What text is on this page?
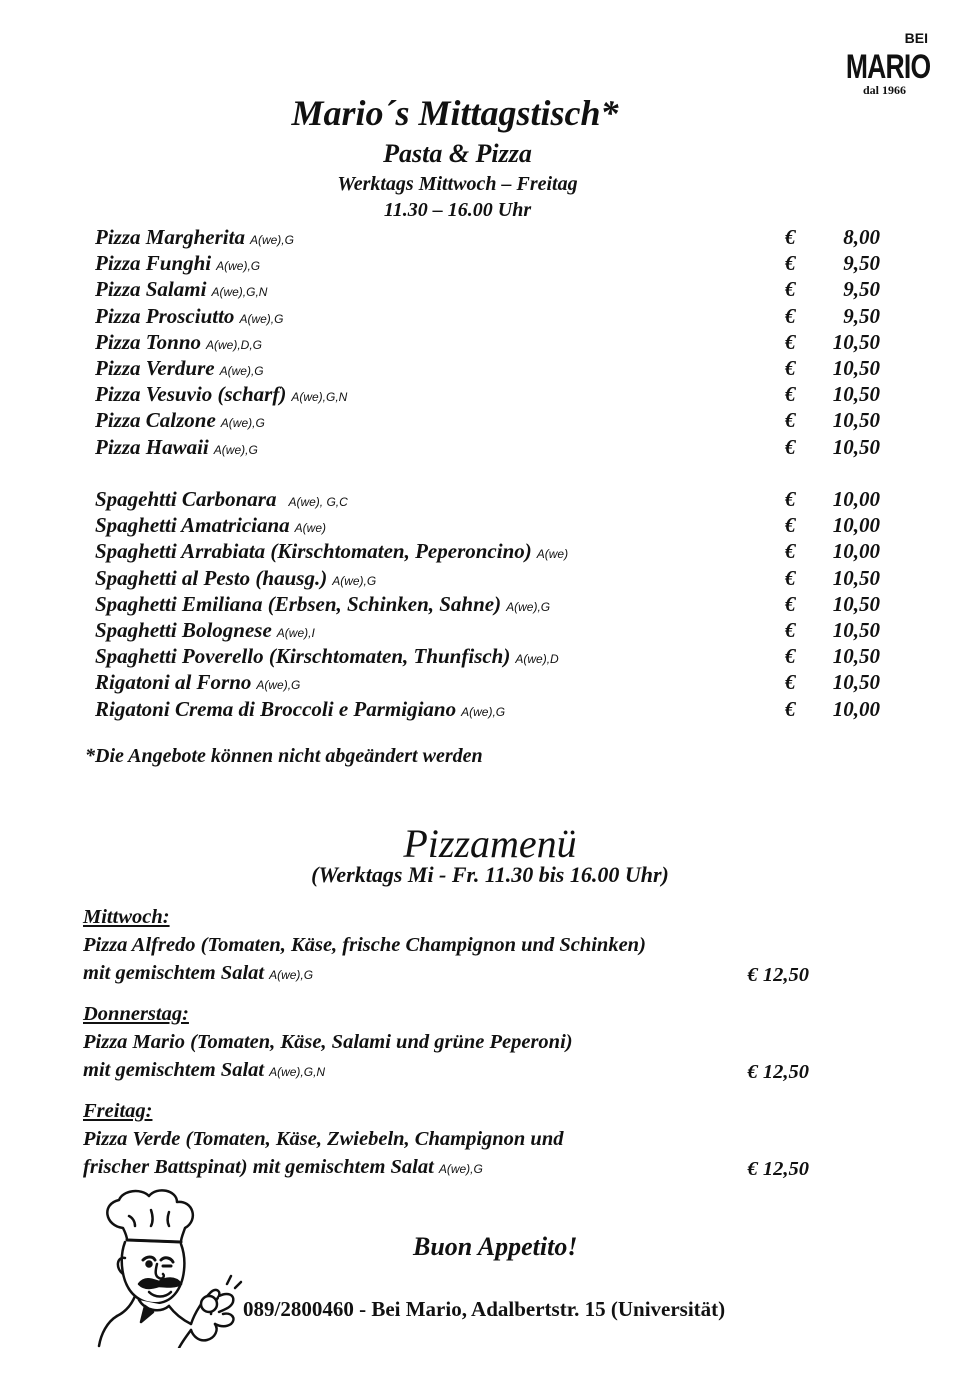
BEIMARIO
dal 1966
Mario´s Mittagstisch*
Pasta & Pizza
Werktags Mittwoch – Freitag
11.30 – 16.00 Uhr
Pizza Margherita A(we),G	€ 8,00
Pizza Funghi A(we),G	€ 9,50
Pizza Salami A(we),G,N	€ 9,50
Pizza Prosciutto A(we),G	€ 9,50
Pizza Tonno A(we),D,G	€ 10,50
Pizza Verdure A(we),G	€ 10,50
Pizza Vesuvio (scharf) A(we),G,N	€ 10,50
Pizza Calzone A(we),G	€ 10,50
Pizza Hawaii A(we),G	€ 10,50
Spagehtti Carbonara A(we), G,C	€ 10,00
Spaghetti Amatriciana A(we)	€ 10,00
Spaghetti Arrabiata (Kirschtomaten, Peperoncino) A(we)	€ 10,00
Spaghetti al Pesto (hausg.) A(we),G	€ 10,50
Spaghetti Emiliana (Erbsen, Schinken, Sahne) A(we),G	€ 10,50
Spaghetti Bolognese A(we),I	€ 10,50
Spaghetti Poverello (Kirschtomaten, Thunfisch) A(we),D	€ 10,50
Rigatoni al Forno A(we),G	€ 10,50
Rigatoni Crema di Broccoli e Parmigiano A(we),G	€ 10,00
*Die Angebote können nicht abgeändert werden
Pizzamenü
(Werktags Mi - Fr. 11.30 bis 16.00 Uhr)
Mittwoch:
Pizza Alfredo (Tomaten, Käse, frische Champignon und Schinken)
mit gemischtem Salat A(we),G	€ 12,50
Donnerstag:
Pizza Mario (Tomaten, Käse, Salami und grüne Peperoni)
mit gemischtem Salat A(we),G,N	€ 12,50
Freitag:
Pizza Verde (Tomaten, Käse, Zwiebeln, Champignon und
frischer Battspinat) mit gemischtem Salat A(we),G	€ 12,50
Buon Appetito!
089/2800460 - Bei Mario, Adalbertstr. 15 (Universität)
